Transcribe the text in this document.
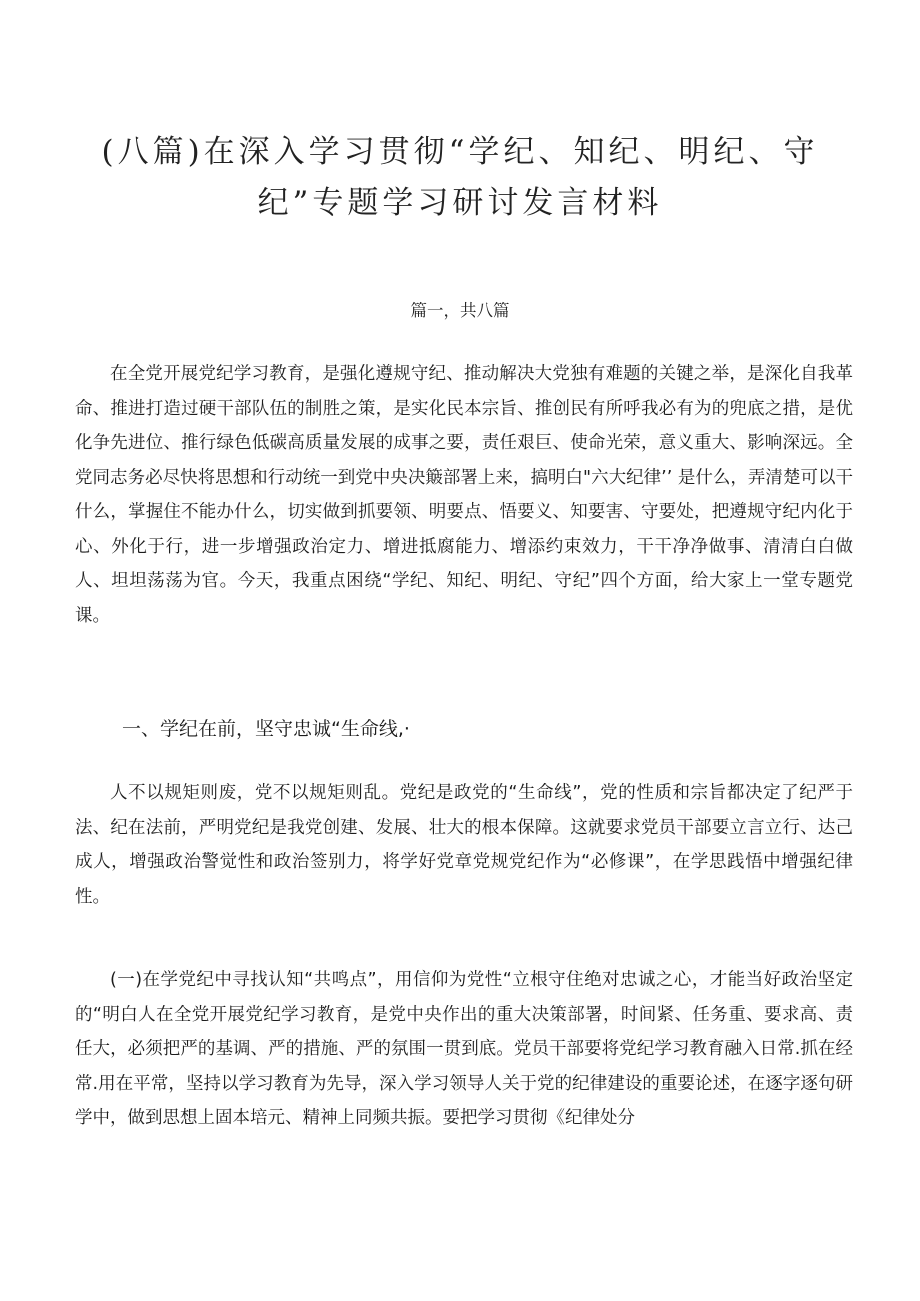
(八篇)在深入学习贯彻“学纪、知纪、明纪、守
纪”专题学习研讨发言材料
篇一，共八篇
在全党开展党纪学习教育，是强化遵规守纪、推动解决大党独有难题的关键之举，是深化自我革命、推进打造过硬干部队伍的制胜之策，是实化民本宗旨、推创民有所呼我必有为的兜底之措，是优化争先进位、推行绿色低碳高质量发展的成事之要，责任艰巨、使命光荣，意义重大、影响深远。全党同志务必尽快将思想和行动统一到党中央决簸部署上来，搞明白"六大纪律’’ 是什么，弄清楚可以干什么，掌握住不能办什么，切实做到抓要领、明要点、悟要义、知要害、守要处，把遵规守纪内化于心、外化于行，进一步增强政治定力、增进抵腐能力、增添约束效力，干干净净做事、清清白白做人、坦坦荡荡为官。今天，我重点困绕“学纪、知纪、明纪、守纪”四个方面，给大家上一堂专题党课。
一、学纪在前，坚守忠诚“生命线,·
人不以规矩则废，党不以规矩则乱。党纪是政党的“生命线”，党的性质和宗旨都决定了纪严于法、纪在法前，严明党纪是我党创建、发展、壮大的根本保障。这就要求党员干部要立言立行、达己成人，增强政治警觉性和政治签别力，将学好党章党规党纪作为“必修课”，在学思践悟中增强纪律性。
(一)在学党纪中寻找认知“共鸣点”，用信仰为党性“立根守住绝对忠诚之心，才能当好政治坚定的“明白人在全党开展党纪学习教育，是党中央作出的重大决策部署，时间紧、任务重、要求高、责任大，必须把严的基调、严的措施、严的氛围一贯到底。党员干部要将党纪学习教育融入日常.抓在经常.用在平常，坚持以学习教育为先导，深入学习领导人关于党的纪律建设的重要论述，在逐字逐句研学中，做到思想上固本培元、精神上同频共振。要把学习贯彻《纪律处分
